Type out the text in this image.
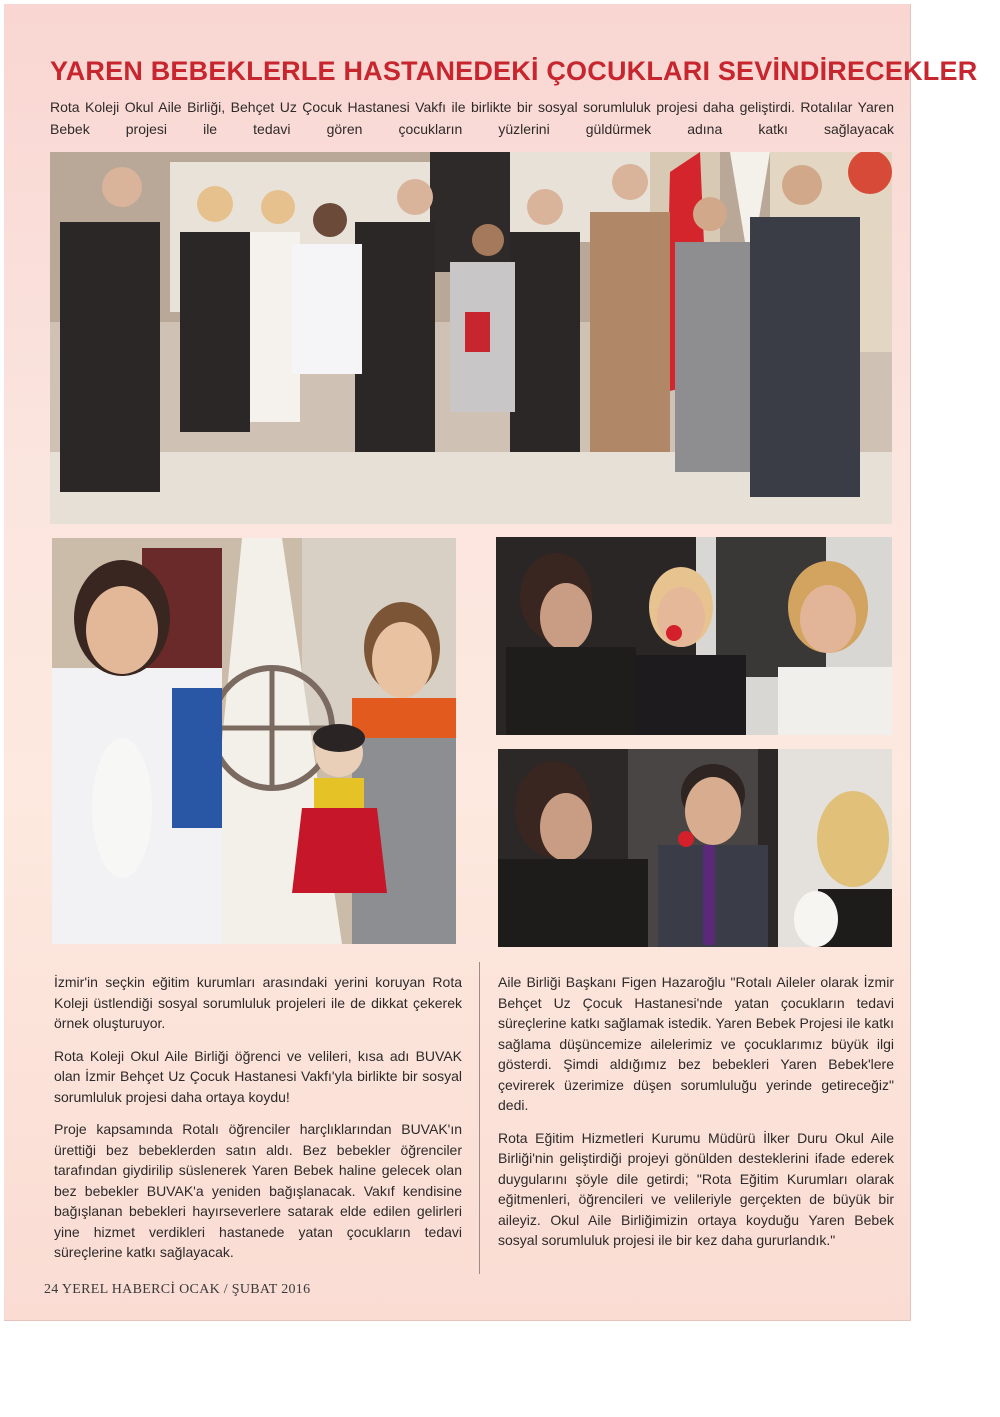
YAREN BEBEKLERLE HASTANEDEKİ ÇOCUKLARI SEVİNDİRECEKLER

Rota Koleji Okul Aile Birliği, Behçet Uz Çocuk Hastanesi Vakfı ile birlikte bir sosyal sorumluluk projesi daha geliştirdi. Rotalılar Yaren Bebek projesi ile tedavi gören çocukların yüzlerini güldürmek adına katkı sağlayacak

İzmir'in seçkin eğitim kurumları arasındaki yerini koruyan Rota Koleji üstlendiği sosyal sorumluluk projeleri ile de dikkat çekerek örnek oluşturuyor.

Rota Koleji Okul Aile Birliği öğrenci ve velileri, kısa adı BUVAK olan İzmir Behçet Uz Çocuk Hastanesi Vakfı'yla birlikte bir sosyal sorumluluk projesi daha ortaya koydu!

Proje kapsamında Rotalı öğrenciler harçlıklarından BUVAK'ın ürettiği bez bebeklerden satın aldı. Bez bebekler öğrenciler tarafından giydirilip süslenerek Yaren Bebek haline gelecek olan bez bebekler BUVAK'a yeniden bağışlanacak. Vakıf kendisine bağışlanan bebekleri hayırseverlere satarak elde edilen gelirleri yine hizmet verdikleri hastanede yatan çocukların tedavi süreçlerine katkı sağlayacak.

Aile Birliği Başkanı Figen Hazaroğlu "Rotalı Aileler olarak İzmir Behçet Uz Çocuk Hastanesi'nde yatan çocukların tedavi süreçlerine katkı sağlamak istedik. Yaren Bebek Projesi ile katkı sağlama düşüncemize ailelerimiz ve çocuklarımız büyük ilgi gösterdi. Şimdi aldığımız bez bebekleri Yaren Bebek'lere çevirerek üzerimize düşen sorumluluğu yerinde getireceğiz" dedi.

Rota Eğitim Hizmetleri Kurumu Müdürü İlker Duru Okul Aile Birliği'nin geliştirdiği projeyi gönülden desteklerini ifade ederek duygularını şöyle dile getirdi; "Rota Eğitim Kurumları olarak eğitmenleri, öğrencileri ve velileriyle gerçekten de büyük bir aileyiz. Okul Aile Birliğimizin ortaya koyduğu Yaren Bebek sosyal sorumluluk projesi ile bir kez daha gururlandık."

24 YEREL HABERCİ OCAK / ŞUBAT 2016
